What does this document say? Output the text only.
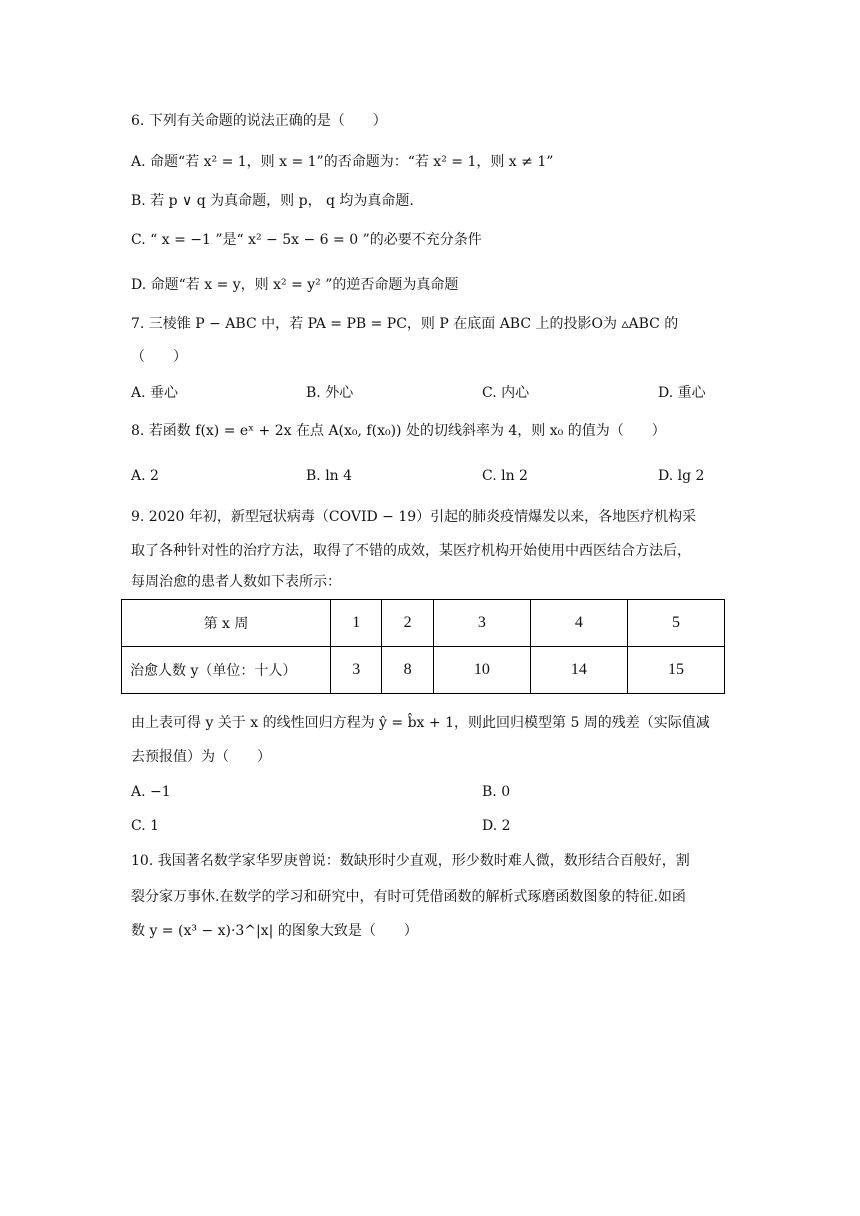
6. 下列有关命题的说法正确的是（　　）
A. 命题“若 x² = 1，则 x = 1”的否命题为：“若 x² = 1，则 x ≠ 1”
B. 若 p ∨ q 为真命题，则 p， q 均为真命题.
C. “ x = −1 ”是“ x² − 5x − 6 = 0 ”的必要不充分条件
D. 命题“若 x = y，则 x² = y² ”的逆否命题为真命题
7. 三棱锥 P − ABC 中，若 PA = PB = PC，则 P 在底面 ABC 上的投影O为 ▵ABC 的
（　　）
A. 垂心	B. 外心	C. 内心	D. 重心
8. 若函数 f(x) = eˣ + 2x 在点 A(x₀, f(x₀)) 处的切线斜率为 4，则 x₀ 的值为（　　）
A. 2	B. ln 4	C. ln 2	D. lg 2
9. 2020 年初，新型冠状病毒（COVID − 19）引起的肺炎疫情爆发以来，各地医疗机构采
取了各种针对性的治疗方法，取得了不错的成效，某医疗机构开始使用中西医结合方法后，
每周治愈的患者人数如下表所示：
第 x 周	1	2	3	4	5
治愈人数 y（单位：十人）	3	8	10	14	15
由上表可得 y 关于 x 的线性回归方程为 ŷ = b̂x + 1，则此回归模型第 5 周的残差（实际值减
去预报值）为（　　）
A. −1	B. 0
C. 1	D. 2
10. 我国著名数学家华罗庚曾说：数缺形时少直观，形少数时难人微，数形结合百般好，割
裂分家万事休.在数学的学习和研究中，有时可凭借函数的解析式琢磨函数图象的特征.如函
数 y = (x³ − x)·3^|x| 的图象大致是（　　）
